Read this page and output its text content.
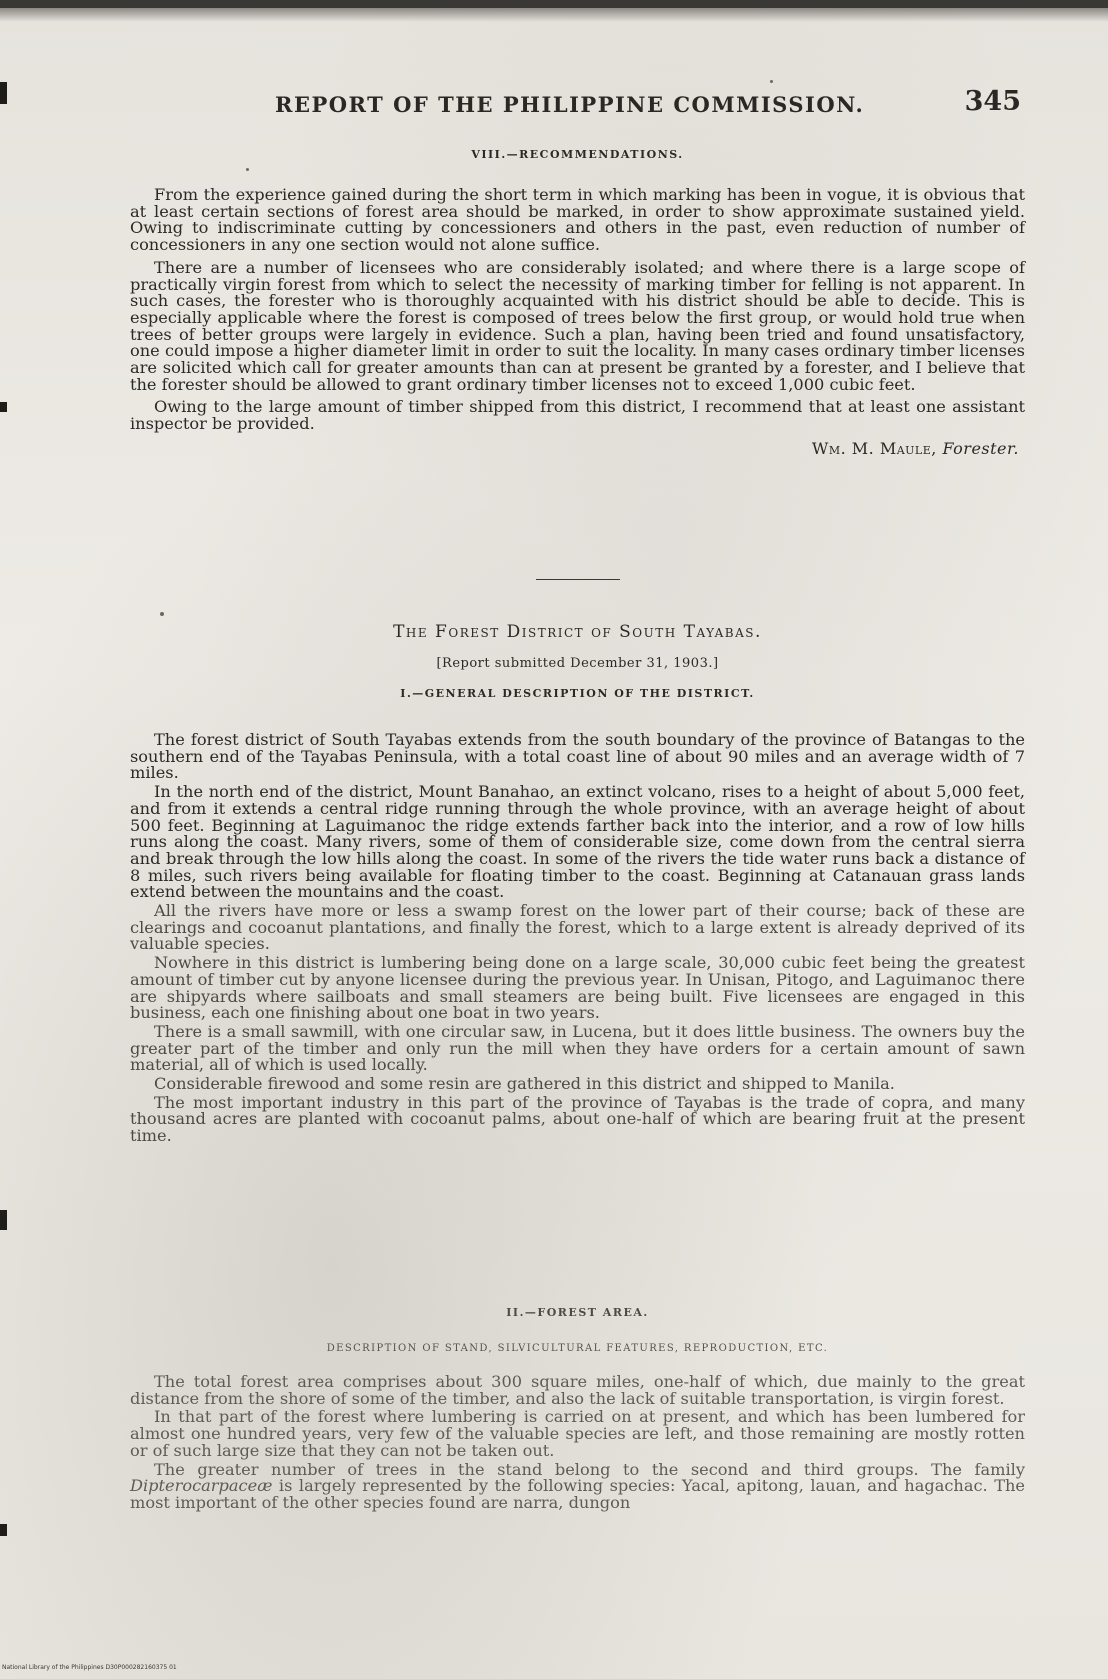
REPORT OF THE PHILIPPINE COMMISSION.	345

VIII.—RECOMMENDATIONS.

From the experience gained during the short term in which marking has been in vogue, it is obvious that at least certain sections of forest area should be marked, in order to show approximate sustained yield. Owing to indiscriminate cutting by concessioners and others in the past, even reduction of number of concessioners in any one section would not alone suffice.

There are a number of licensees who are considerably isolated; and where there is a large scope of practically virgin forest from which to select the necessity of marking timber for felling is not apparent. In such cases, the forester who is thoroughly acquainted with his district should be able to decide. This is especially applicable where the forest is composed of trees below the first group, or would hold true when trees of better groups were largely in evidence. Such a plan, having been tried and found unsatisfactory, one could impose a higher diameter limit in order to suit the locality. In many cases ordinary timber licenses are solicited which call for greater amounts than can at present be granted by a forester, and I believe that the forester should be allowed to grant ordinary timber licenses not to exceed 1,000 cubic feet.

Owing to the large amount of timber shipped from this district, I recommend that at least one assistant inspector be provided.

Wm. M. Maule, Forester.

The Forest District of South Tayabas.

[Report submitted December 31, 1903.]

I.—GENERAL DESCRIPTION OF THE DISTRICT.

The forest district of South Tayabas extends from the south boundary of the province of Batangas to the southern end of the Tayabas Peninsula, with a total coast line of about 90 miles and an average width of 7 miles.

In the north end of the district, Mount Banahao, an extinct volcano, rises to a height of about 5,000 feet, and from it extends a central ridge running through the whole province, with an average height of about 500 feet. Beginning at Laguimanoc the ridge extends farther back into the interior, and a row of low hills runs along the coast. Many rivers, some of them of considerable size, come down from the central sierra and break through the low hills along the coast. In some of the rivers the tide water runs back a distance of 8 miles, such rivers being available for floating timber to the coast. Beginning at Catanauan grass lands extend between the mountains and the coast.

All the rivers have more or less a swamp forest on the lower part of their course; back of these are clearings and cocoanut plantations, and finally the forest, which to a large extent is already deprived of its valuable species.

Nowhere in this district is lumbering being done on a large scale, 30,000 cubic feet being the greatest amount of timber cut by anyone licensee during the previous year. In Unisan, Pitogo, and Laguimanoc there are shipyards where sailboats and small steamers are being built. Five licensees are engaged in this business, each one finishing about one boat in two years.

There is a small sawmill, with one circular saw, in Lucena, but it does little business. The owners buy the greater part of the timber and only run the mill when they have orders for a certain amount of sawn material, all of which is used locally.

Considerable firewood and some resin are gathered in this district and shipped to Manila.

The most important industry in this part of the province of Tayabas is the trade of copra, and many thousand acres are planted with cocoanut palms, about one-half of which are bearing fruit at the present time.

II.—FOREST AREA.

DESCRIPTION OF STAND, SILVICULTURAL FEATURES, REPRODUCTION, ETC.

The total forest area comprises about 300 square miles, one-half of which, due mainly to the great distance from the shore of some of the timber, and also the lack of suitable transportation, is virgin forest.

In that part of the forest where lumbering is carried on at present, and which has been lumbered for almost one hundred years, very few of the valuable species are left, and those remaining are mostly rotten or of such large size that they can not be taken out.

The greater number of trees in the stand belong to the second and third groups. The family Dipterocarpaceæ is largely represented by the following species: Yacal, apitong, lauan, and hagachac. The most important of the other species found are narra, dungon

National Library of the Philippines D30P000282160375 01
